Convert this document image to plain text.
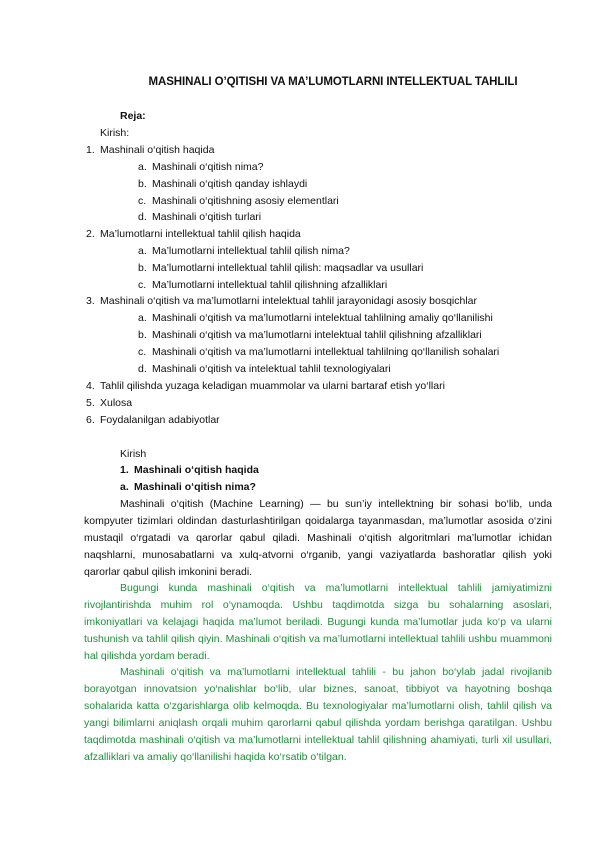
MASHINALI O’QITISHI VA MA’LUMOTLARNI INTELLEKTUAL TAHLILI
Reja:
Kirish:
1. Mashinali o‘qitish haqida
a. Mashinali o‘qitish nima?
b. Mashinali o‘qitish qanday ishlaydi
c. Mashinali o‘qitishning asosiy elementlari
d. Mashinali o‘qitish turlari
2. Ma’lumotlarni intellektual tahlil qilish haqida
a. Ma’lumotlarni intellektual tahlil qilish nima?
b. Ma’lumotlarni intellektual tahlil qilish: maqsadlar va usullari
c. Ma’lumotlarni intellektual tahlil qilishning afzalliklari
3. Mashinali o‘qitish va ma’lumotlarni intelektual tahlil jarayonidagi asosiy bosqichlar
a. Mashinali o‘qitish va ma’lumotlarni intelektual tahlilning amaliy qo‘llanilishi
b. Mashinali o‘qitish va ma’lumotlarni intelektual tahlil qilishning afzalliklari
c. Mashinali o‘qitish va ma’lumotlarni intellektual tahlilning qo‘llanilish sohalari
d. Mashinali o‘qitish va intelektual tahlil texnologiyalari
4. Tahlil qilishda yuzaga keladigan muammolar va ularni bartaraf etish yo‘llari
5. Xulosa
6. Foydalanilgan adabiyotlar
Kirish
1. Mashinali o‘qitish haqida
a. Mashinali o‘qitish nima?
Mashinali o‘qitish (Machine Learning) — bu sun’iy intellektning bir sohasi bo‘lib, unda kompyuter tizimlari oldindan dasturlashtirilgan qoidalarga tayanmasdan, ma’lumotlar asosida o‘zini mustaqil o‘rgatadi va qarorlar qabul qiladi. Mashinali o‘qitish algoritmlari ma’lumotlar ichidan naqshlarni, munosabatlarni va xulq-atvorni o‘rganib, yangi vaziyatlarda bashoratlar qilish yoki qarorlar qabul qilish imkonini beradi.
Bugungi kunda mashinali o‘qitish va ma’lumotlarni intellektual tahlili jamiyatimizni rivojlantirishda muhim rol o‘ynamoqda. Ushbu taqdimotda sizga bu sohalarning asoslari, imkoniyatlari va kelajagi haqida ma’lumot beriladi. Bugungi kunda ma’lumotlar juda ko‘p va ularni tushunish va tahlil qilish qiyin. Mashinali o‘qitish va ma’lumotlarni intellektual tahlili ushbu muammoni hal qilishda yordam beradi.
Mashinali o‘qitish va ma’lumotlarni intellektual tahlili - bu jahon bo‘ylab jadal rivojlanib borayotgan innovatsion yo‘nalishlar bo‘lib, ular biznes, sanoat, tibbiyot va hayotning boshqa sohalarida katta o‘zgarishlarga olib kelmoqda. Bu texnologiyalar ma’lumotlarni olish, tahlil qilish va yangi bilimlarni aniqlash orqali muhim qarorlarni qabul qilishda yordam berishga qaratilgan. Ushbu taqdimotda mashinali o‘qitish va ma’lumotlarni intellektual tahlil qilishning ahamiyati, turli xil usullari, afzalliklari va amaliy qo‘llanilishi haqida ko‘rsatib o‘tilgan.
